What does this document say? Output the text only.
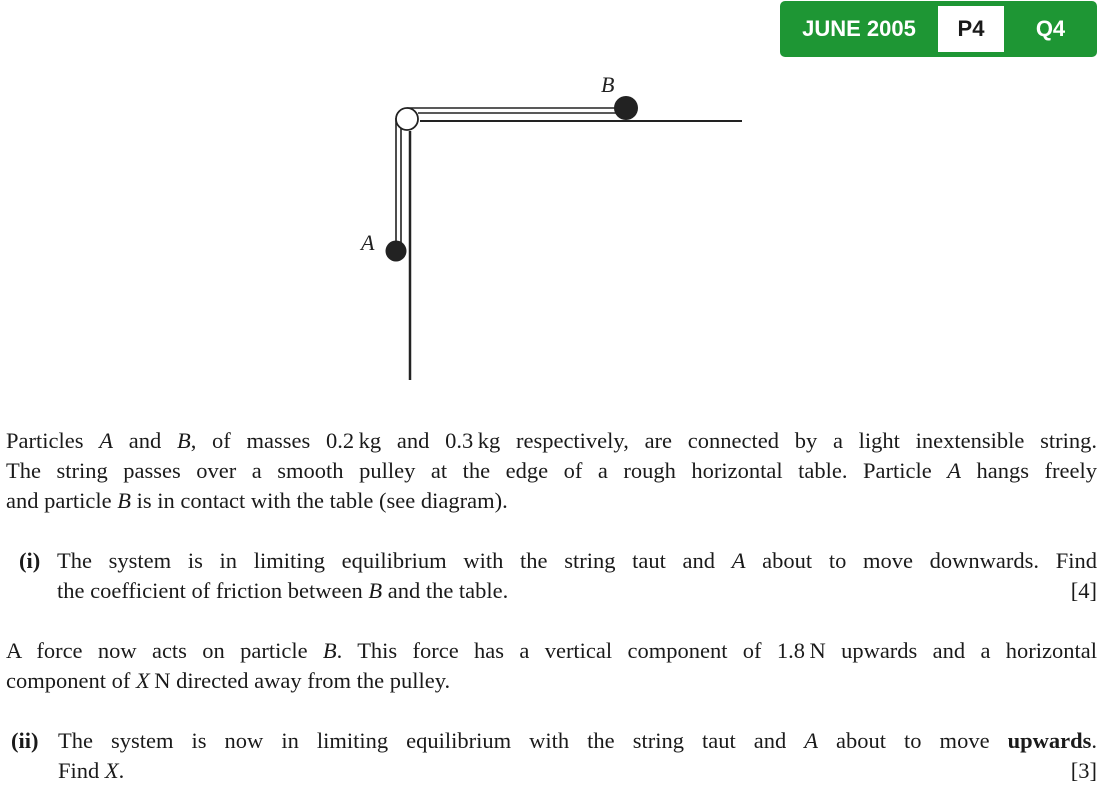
JUNE 2005	P4	Q4
B
A

Particles A and B, of masses 0.2 kg and 0.3 kg respectively, are connected by a light inextensible string.

The string passes over a smooth pulley at the edge of a rough horizontal table. Particle A hangs freely

and particle B is in contact with the table (see diagram).

(i) The system is in limiting equilibrium with the string taut and A about to move downwards. Find

the coefficient of friction between B and the table.	[4]

A force now acts on particle B. This force has a vertical component of 1.8 N upwards and a horizontal

component of X N directed away from the pulley.

(ii) The system is now in limiting equilibrium with the string taut and A about to move upwards.

Find X.	[3]
